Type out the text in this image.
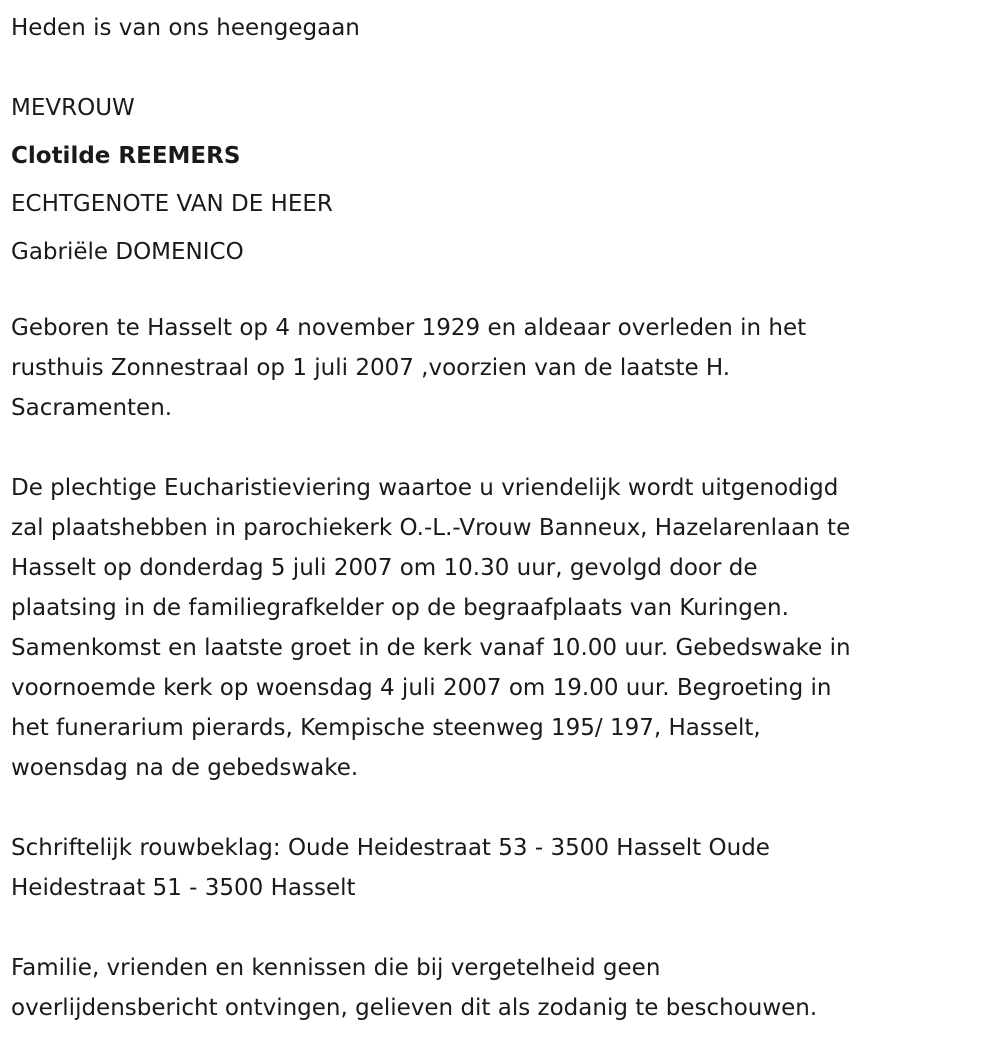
Heden is van ons heengegaan
MEVROUW
Clotilde REEMERS
ECHTGENOTE VAN DE HEER
Gabriële DOMENICO
Geboren te Hasselt op 4 november 1929 en aldeaar overleden in het
rusthuis Zonnestraal op 1 juli 2007 ,voorzien van de laatste H.
Sacramenten.
De plechtige Eucharistieviering waartoe u vriendelijk wordt uitgenodigd
zal plaatshebben in parochiekerk O.-L.-Vrouw Banneux, Hazelarenlaan te
Hasselt op donderdag 5 juli 2007 om 10.30 uur, gevolgd door de
plaatsing in de familiegrafkelder op de begraafplaats van Kuringen.
Samenkomst en laatste groet in de kerk vanaf 10.00 uur. Gebedswake in
voornoemde kerk op woensdag 4 juli 2007 om 19.00 uur. Begroeting in
het funerarium pierards, Kempische steenweg 195/ 197, Hasselt,
woensdag na de gebedswake.
Schriftelijk rouwbeklag: Oude Heidestraat 53 - 3500 Hasselt Oude
Heidestraat 51 - 3500 Hasselt
Familie, vrienden en kennissen die bij vergetelheid geen
overlijdensbericht ontvingen, gelieven dit als zodanig te beschouwen.
